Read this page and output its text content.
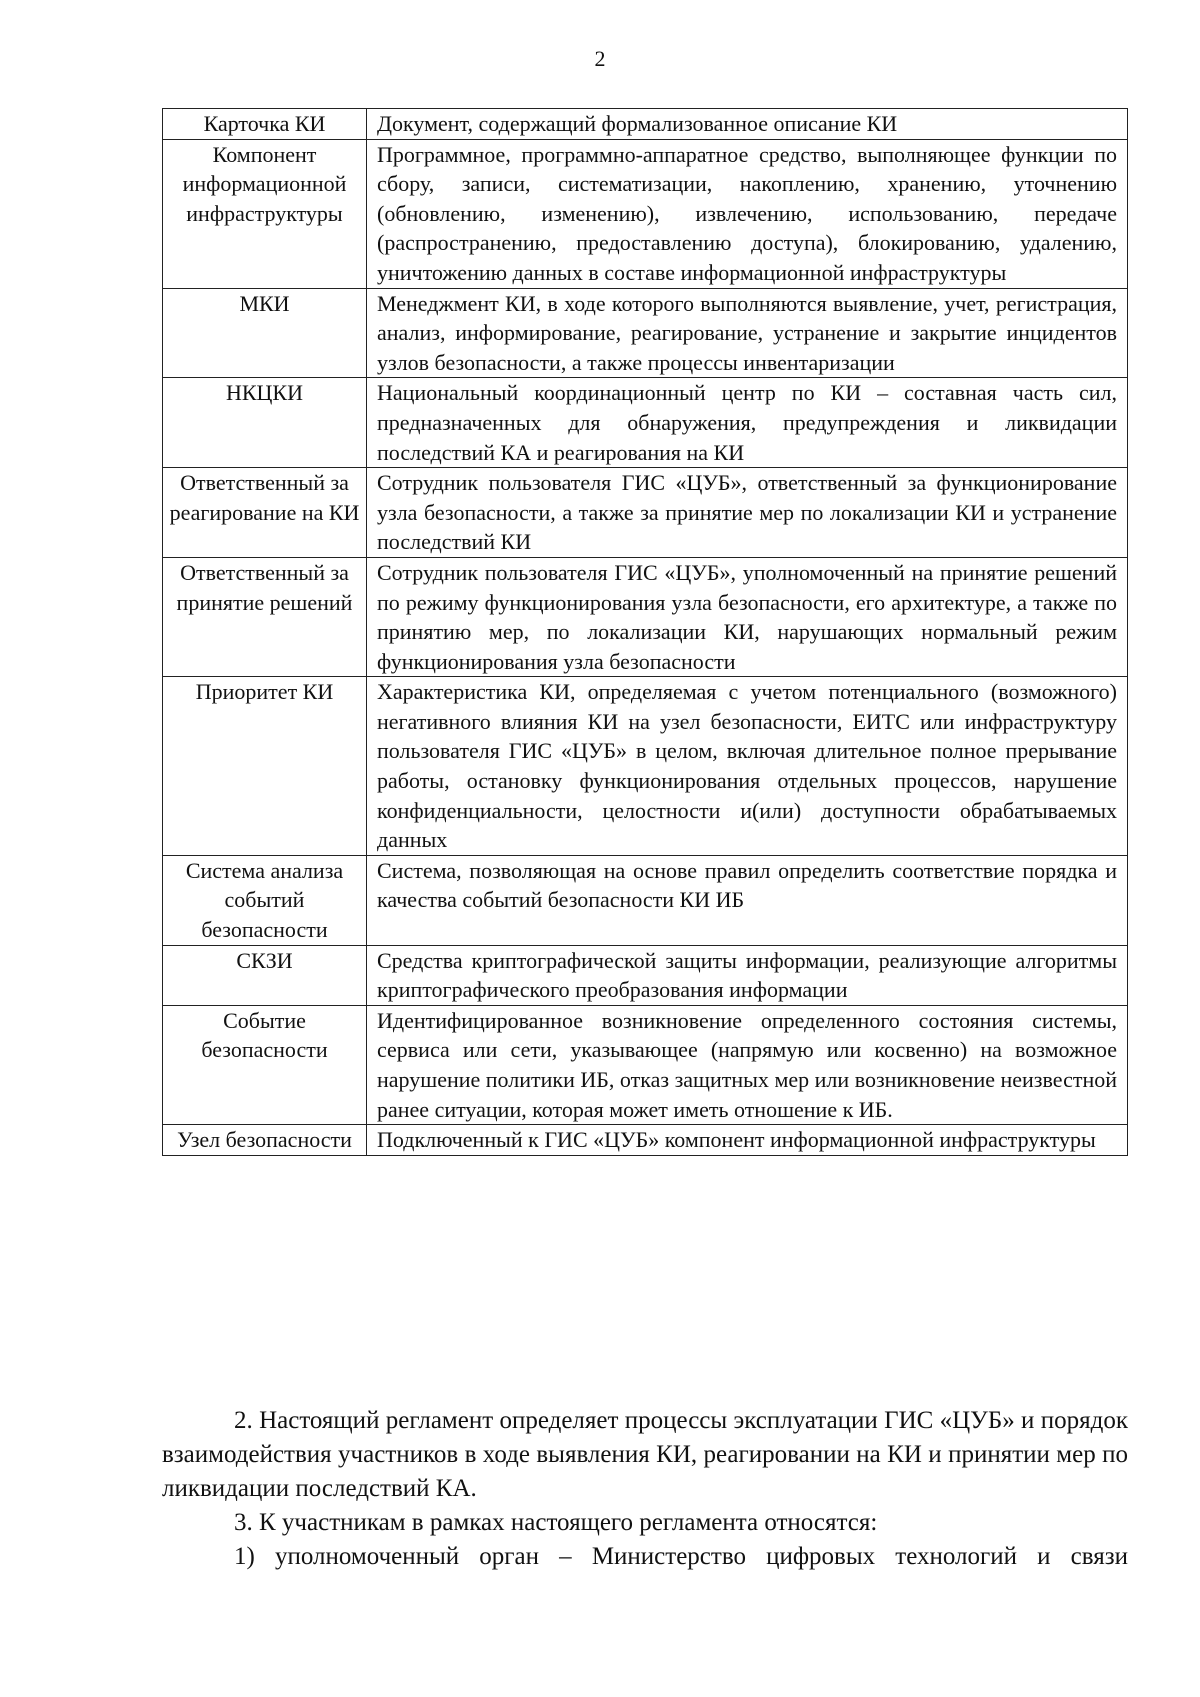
2
Карточка КИ	Документ, содержащий формализованное описание КИ
Компонент информационной инфраструктуры	Программное, программно-аппаратное средство, выполняющее функции по сбору, записи, систематизации, накоплению, хранению, уточнению (обновлению, изменению), извлечению, использованию, передаче (распространению, предоставлению доступа), блокированию, удалению, уничтожению данных в составе информационной инфраструктуры
МКИ	Менеджмент КИ, в ходе которого выполняются выявление, учет, регистрация, анализ, информирование, реагирование, устранение и закрытие инцидентов узлов безопасности, а также процессы инвентаризации
НКЦКИ	Национальный координационный центр по КИ – составная часть сил, предназначенных для обнаружения, предупреждения и ликвидации последствий КА и реагирования на КИ
Ответственный за реагирование на КИ	Сотрудник пользователя ГИС «ЦУБ», ответственный за функционирование узла безопасности, а также за принятие мер по локализации КИ и устранение последствий КИ
Ответственный за принятие решений	Сотрудник пользователя ГИС «ЦУБ», уполномоченный на принятие решений по режиму функционирования узла безопасности, его архитектуре, а также по принятию мер, по локализации КИ, нарушающих нормальный режим функционирования узла безопасности
Приоритет КИ	Характеристика КИ, определяемая с учетом потенциального (возможного) негативного влияния КИ на узел безопасности, ЕИТС или инфраструктуру пользователя ГИС «ЦУБ» в целом, включая длительное полное прерывание работы, остановку функционирования отдельных процессов, нарушение конфиденциальности, целостности и(или) доступности обрабатываемых данных
Система анализа событий безопасности	Система, позволяющая на основе правил определить соответствие порядка и качества событий безопасности КИ ИБ
СКЗИ	Средства криптографической защиты информации, реализующие алгоритмы криптографического преобразования информации
Событие безопасности	Идентифицированное возникновение определенного состояния системы, сервиса или сети, указывающее (напрямую или косвенно) на возможное нарушение политики ИБ, отказ защитных мер или возникновение неизвестной ранее ситуации, которая может иметь отношение к ИБ.
Узел безопасности	Подключенный к ГИС «ЦУБ» компонент информационной инфраструктуры

2. Настоящий регламент определяет процессы эксплуатации ГИС «ЦУБ» и порядок взаимодействия участников в ходе выявления КИ, реагировании на КИ и принятии мер по ликвидации последствий КА.

3. К участникам в рамках настоящего регламента относятся:

1) уполномоченный орган – Министерство цифровых технологий и связи
